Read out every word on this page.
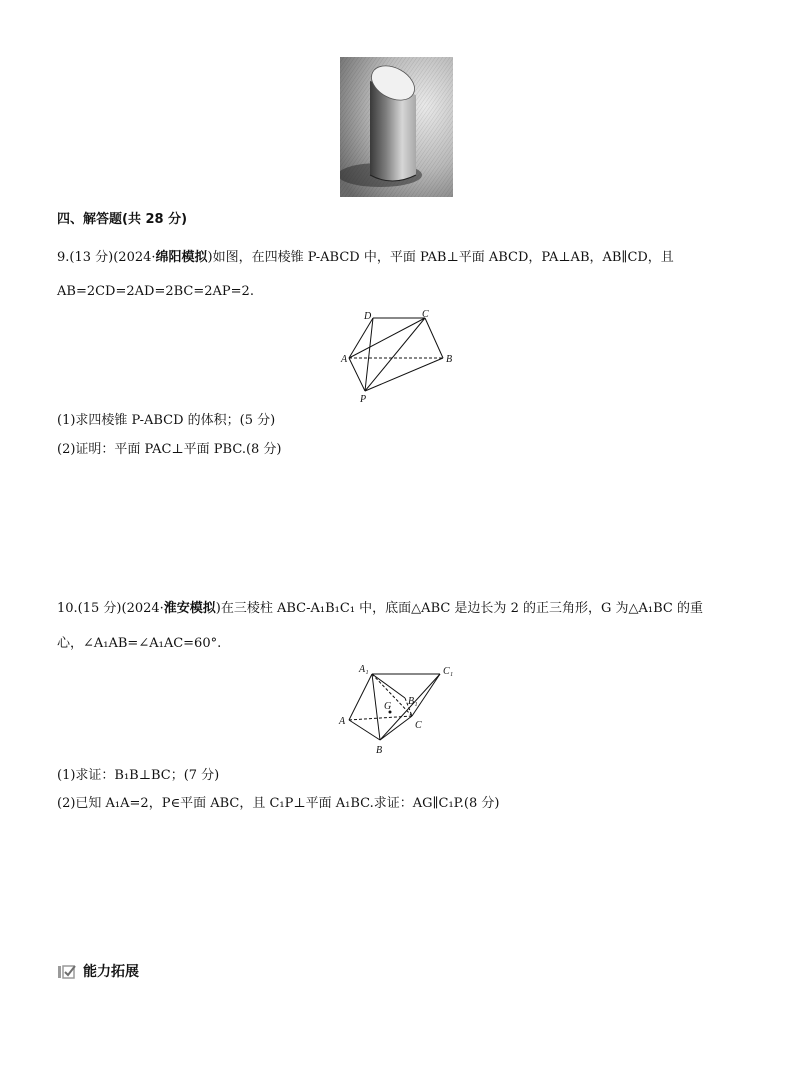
四、解答题(共 28 分)
9.(13 分)(2024·绵阳模拟)如图，在四棱锥 P-ABCD 中，平面 PAB⊥平面 ABCD，PA⊥AB，AB∥CD，且
AB=2CD=2AD=2BC=2AP=2.
D	C
A	B
P
(1)求四棱锥 P-ABCD 的体积；(5 分)
(2)证明：平面 PAC⊥平面 PBC.(8 分)
10.(15 分)(2024·淮安模拟)在三棱柱 ABC-A₁B₁C₁ 中，底面△ABC 是边长为 2 的正三角形，G 为△A₁BC 的重
心，∠A₁AB=∠A₁AC=60°.
A₁	C₁
B₁
G
A	C
B
(1)求证：B₁B⊥BC；(7 分)
(2)已知 A₁A=2，P∈平面 ABC，且 C₁P⊥平面 A₁BC.求证：AG∥C₁P.(8 分)
能力拓展
